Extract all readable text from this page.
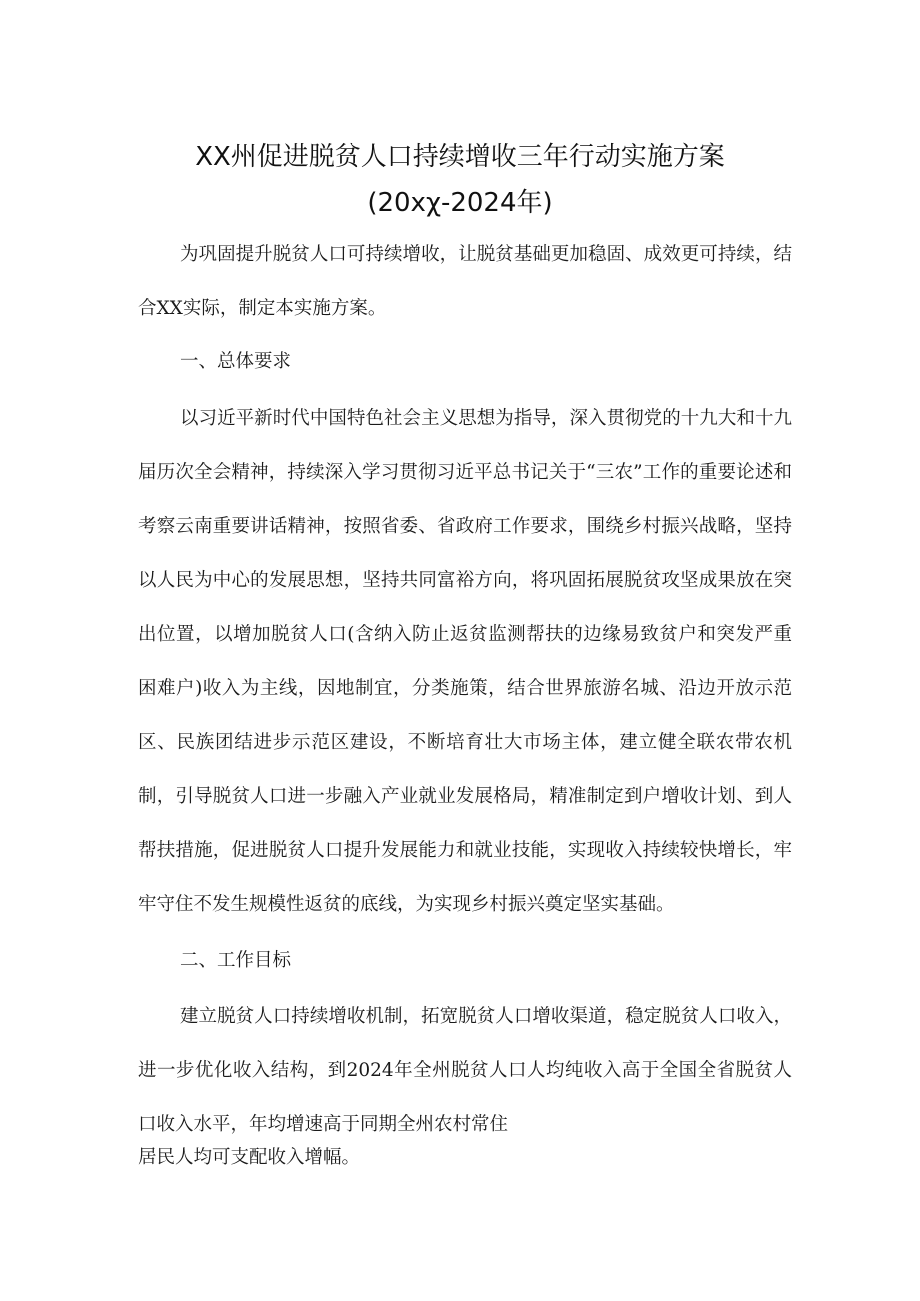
XX州促进脱贫人口持续增收三年行动实施方案
(20xχ-2024年)
为巩固提升脱贫人口可持续增收，让脱贫基础更加稳固、成效更可持续，结合XX实际，制定本实施方案。
一、总体要求
以习近平新时代中国特色社会主义思想为指导，深入贯彻党的十九大和十九届历次全会精神，持续深入学习贯彻习近平总书记关于“三农”工作的重要论述和考察云南重要讲话精神，按照省委、省政府工作要求，围绕乡村振兴战略，坚持以人民为中心的发展思想，坚持共同富裕方向，将巩固拓展脱贫攻坚成果放在突出位置，以增加脱贫人口(含纳入防止返贫监测帮扶的边缘易致贫户和突发严重困难户)收入为主线，因地制宜，分类施策，结合世界旅游名城、沿边开放示范区、民族团结进步示范区建设，不断培育壮大市场主体，建立健全联农带农机制，引导脱贫人口进一步融入产业就业发展格局，精准制定到户增收计划、到人帮扶措施，促进脱贫人口提升发展能力和就业技能，实现收入持续较快增长，牢牢守住不发生规模性返贫的底线，为实现乡村振兴奠定坚实基础。
二、工作目标
建立脱贫人口持续增收机制，拓宽脱贫人口增收渠道，稳定脱贫人口收入，进一步优化收入结构，到2024年全州脱贫人口人均纯收入高于全国全省脱贫人口收入水平，年均增速高于同期全州农村常住
居民人均可支配收入增幅。
